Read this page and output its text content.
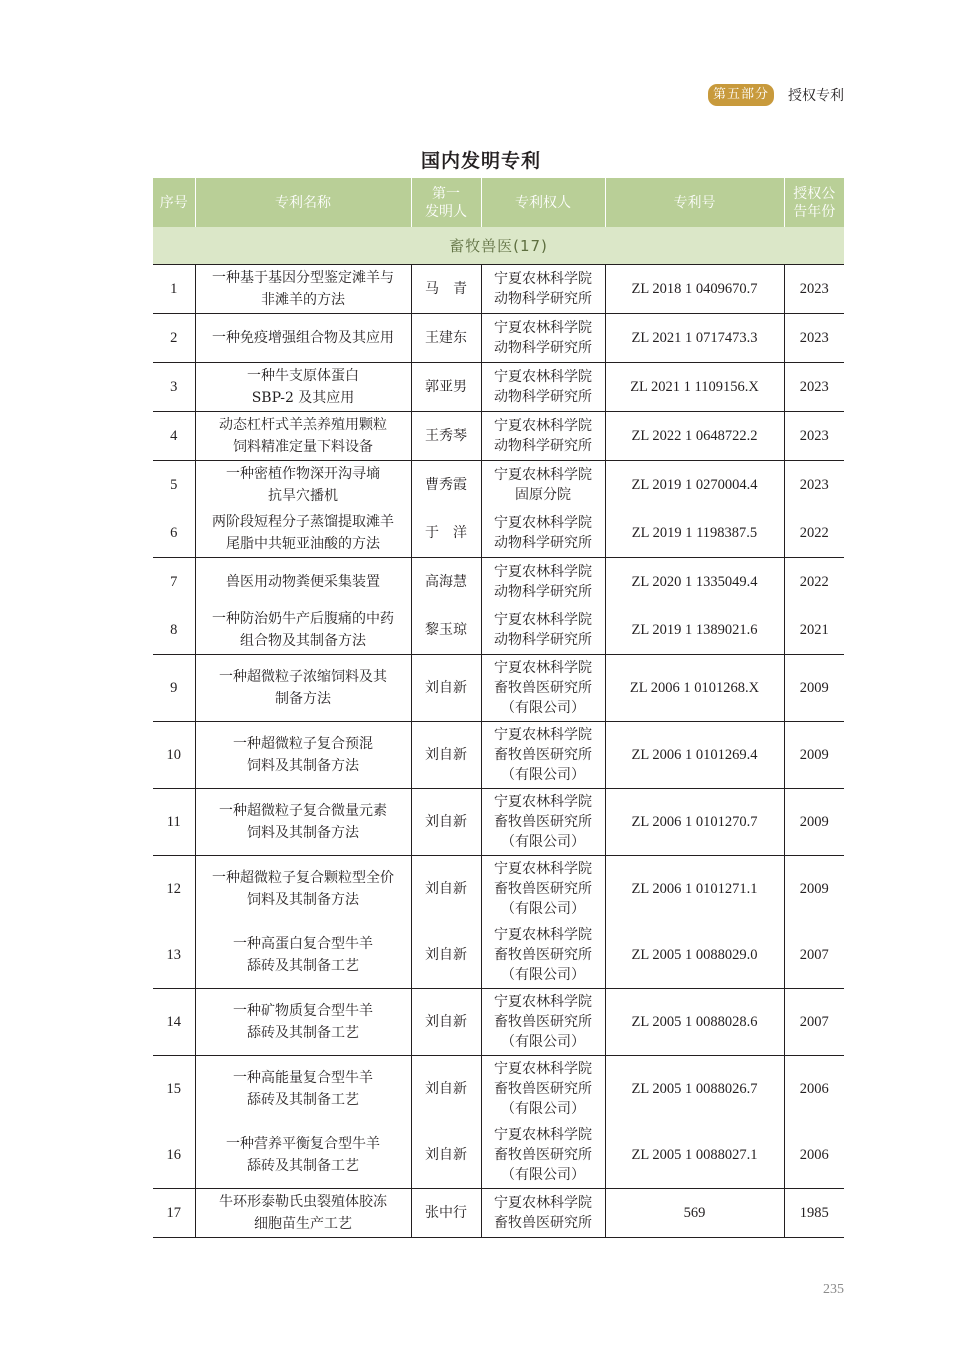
第五部分	授权专利
国内发明专利
序号	专利名称	第一
发明人	专利权人	专利号	授权公
告年份
畜牧兽医(17)					
1	一种基于基因分型鉴定滩羊与
非滩羊的方法	马　青	宁夏农林科学院
动物科学研究所	ZL 2018 1 0409670.7	2023
2	一种免疫增强组合物及其应用	王建东	宁夏农林科学院
动物科学研究所	ZL 2021 1 0717473.3	2023
3	一种牛支原体蛋白
SBP-2 及其应用	郭亚男	宁夏农林科学院
动物科学研究所	ZL 2021 1 1109156.X	2023
4	动态杠杆式羊羔养殖用颗粒
饲料精准定量下料设备	王秀琴	宁夏农林科学院
动物科学研究所	ZL 2022 1 0648722.2	2023
5	一种密植作物深开沟寻墒
抗旱穴播机	曹秀霞	宁夏农林科学院
固原分院	ZL 2019 1 0270004.4	2023
6	两阶段短程分子蒸馏提取滩羊
尾脂中共轭亚油酸的方法	于　洋	宁夏农林科学院
动物科学研究所	ZL 2019 1 1198387.5	2022
7	兽医用动物粪便采集装置	高海慧	宁夏农林科学院
动物科学研究所	ZL 2020 1 1335049.4	2022
8	一种防治奶牛产后腹痛的中药
组合物及其制备方法	黎玉琼	宁夏农林科学院
动物科学研究所	ZL 2019 1 1389021.6	2021
9	一种超微粒子浓缩饲料及其
制备方法	刘自新	宁夏农林科学院
畜牧兽医研究所
（有限公司）	ZL 2006 1 0101268.X	2009
10	一种超微粒子复合预混
饲料及其制备方法	刘自新	宁夏农林科学院
畜牧兽医研究所
（有限公司）	ZL 2006 1 0101269.4	2009
11	一种超微粒子复合微量元素
饲料及其制备方法	刘自新	宁夏农林科学院
畜牧兽医研究所
（有限公司）	ZL 2006 1 0101270.7	2009
12	一种超微粒子复合颗粒型全价
饲料及其制备方法	刘自新	宁夏农林科学院
畜牧兽医研究所
（有限公司）	ZL 2006 1 0101271.1	2009
13	一种高蛋白复合型牛羊
舔砖及其制备工艺	刘自新	宁夏农林科学院
畜牧兽医研究所
（有限公司）	ZL 2005 1 0088029.0	2007
14	一种矿物质复合型牛羊
舔砖及其制备工艺	刘自新	宁夏农林科学院
畜牧兽医研究所
（有限公司）	ZL 2005 1 0088028.6	2007
15	一种高能量复合型牛羊
舔砖及其制备工艺	刘自新	宁夏农林科学院
畜牧兽医研究所
（有限公司）	ZL 2005 1 0088026.7	2006
16	一种营养平衡复合型牛羊
舔砖及其制备工艺	刘自新	宁夏农林科学院
畜牧兽医研究所
（有限公司）	ZL 2005 1 0088027.1	2006
17	牛环形泰勒氏虫裂殖体胶冻
细胞苗生产工艺	张中行	宁夏农林科学院
畜牧兽医研究所	569	1985
235
